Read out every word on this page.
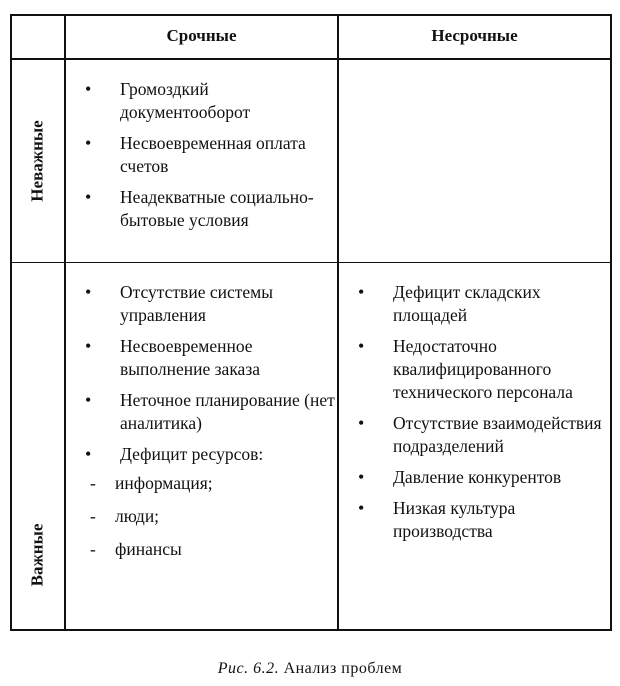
Срочные	Несрочные
Неважные
Важные
• Громоздкий документооборот
• Несвоевременная оплата счетов
• Неадекватные социально-бытовые условия
• Отсутствие системы управления
• Несвоевременное выполнение заказа
• Неточное планирование (нет аналитика)
• Дефицит ресурсов:
- информация;
- люди;
- финансы
• Дефицит складских площадей
• Недостаточно квалифицированного технического персонала
• Отсутствие взаимодействия подразделений
• Давление конкурентов
• Низкая культура производства
Рис. 6.2. Анализ проблем
